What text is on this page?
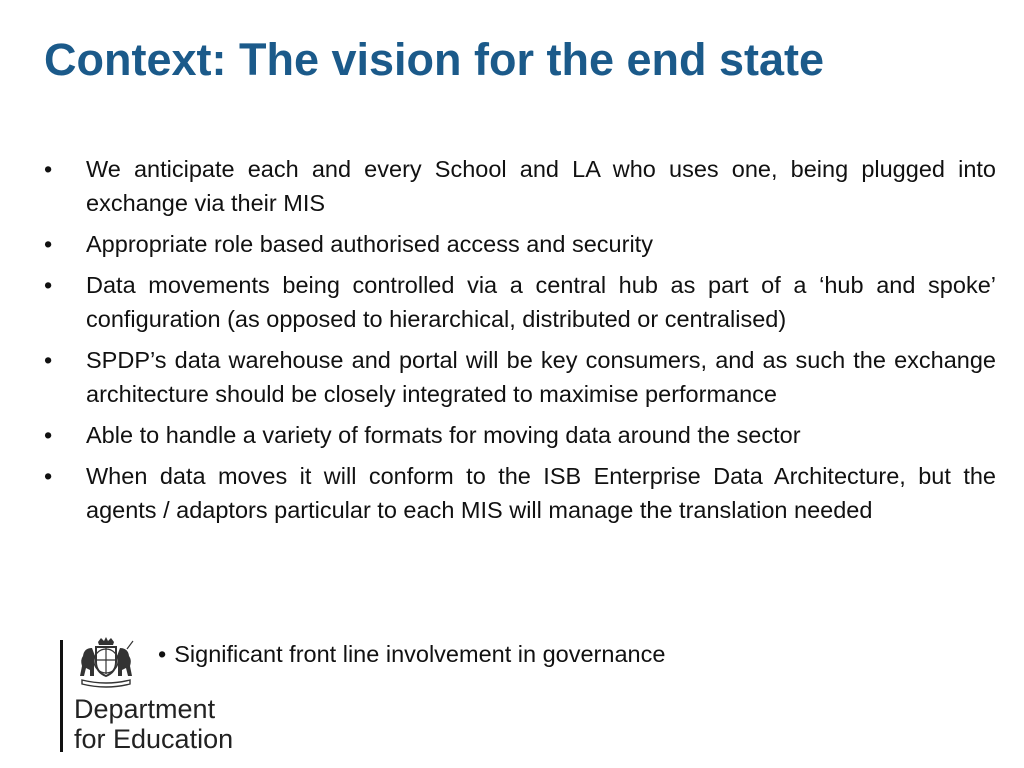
Context: The vision for the end state
• We anticipate each and every School and LA who uses one, being plugged into exchange via their MIS
• Appropriate role based authorised access and security
• Data movements being controlled via a central hub as part of a ‘hub and spoke’ configuration (as opposed to hierarchical, distributed or centralised)
• SPDP’s data warehouse and portal will be key consumers, and as such the exchange architecture should be closely integrated to maximise performance
• Able to handle a variety of formats for moving data around the sector
• When data moves it will conform to the ISB Enterprise Data Architecture, but the agents / adaptors particular to each MIS will manage the translation needed
• Significant front line involvement in governance
Department
for Education
